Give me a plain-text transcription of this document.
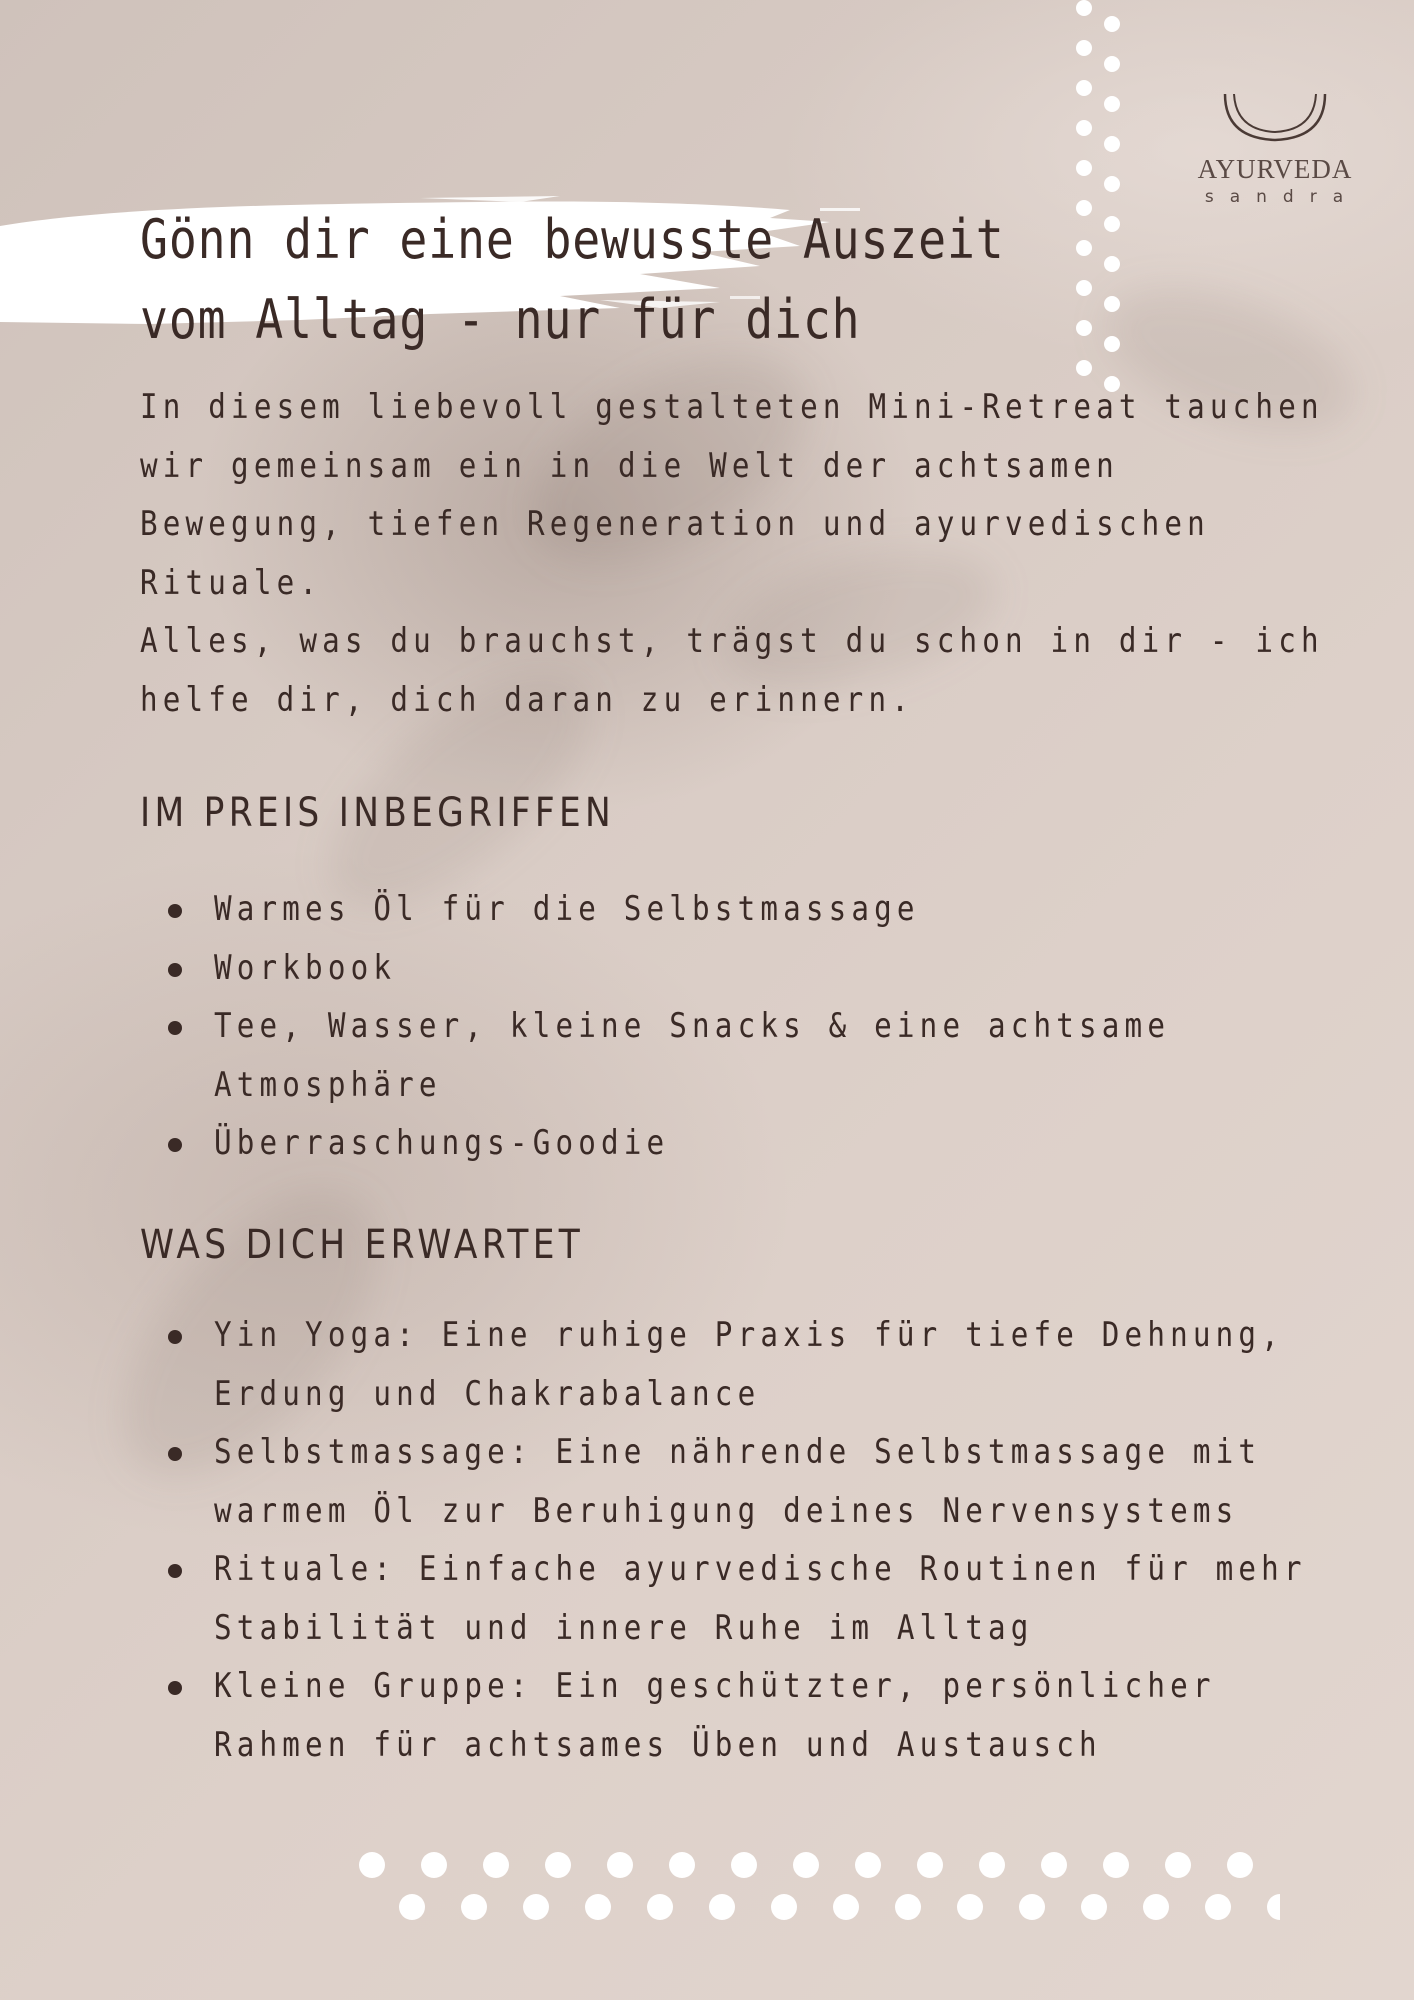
AYURVEDA
sandra
Gönn dir eine bewusste Auszeit
vom Alltag - nur für dich
In diesem liebevoll gestalteten Mini-Retreat tauchen
wir gemeinsam ein in die Welt der achtsamen
Bewegung, tiefen Regeneration und ayurvedischen
Rituale.
Alles, was du brauchst, trägst du schon in dir - ich
helfe dir, dich daran zu erinnern.
IM PREIS INBEGRIFFEN
Warmes Öl für die Selbstmassage
Workbook
Tee, Wasser, kleine Snacks & eine achtsame
Atmosphäre
Überraschungs-Goodie
WAS DICH ERWARTET
Yin Yoga: Eine ruhige Praxis für tiefe Dehnung,
Erdung und Chakrabalance
Selbstmassage: Eine nährende Selbstmassage mit
warmem Öl zur Beruhigung deines Nervensystems
Rituale: Einfache ayurvedische Routinen für mehr
Stabilität und innere Ruhe im Alltag
Kleine Gruppe: Ein geschützter, persönlicher
Rahmen für achtsames Üben und Austausch
